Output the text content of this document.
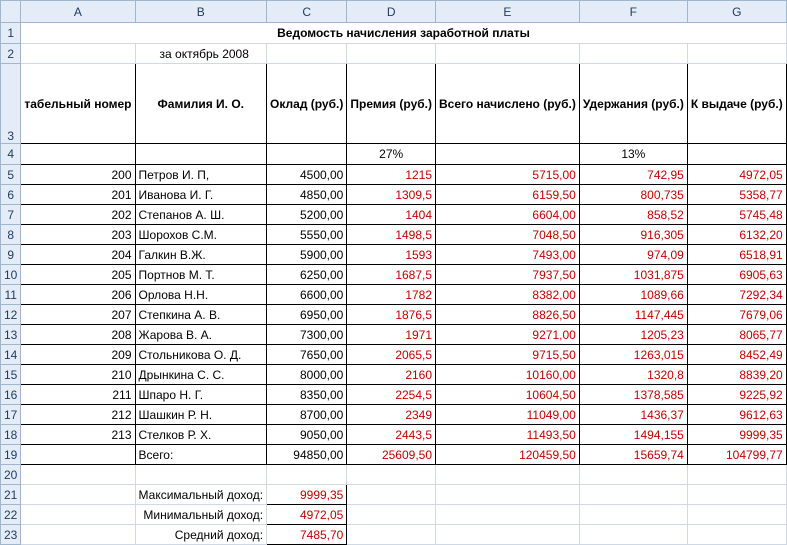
	A	B	C	D	E	F	G
1	Ведомость начисления заработной платы						
2		за октябрь 2008					
3	табельный номер	Фамилия И. О.	Оклад (руб.)	Премия (руб.)	Всего начислено (руб.)	Удержания (руб.)	К выдаче (руб.)
4				27%		13%	
5	200	Петров И. П,	4500,00	1215	5715,00	742,95	4972,05
6	201	Иванова И. Г.	4850,00	1309,5	6159,50	800,735	5358,77
7	202	Степанов А. Ш.	5200,00	1404	6604,00	858,52	5745,48
8	203	Шорохов С.М.	5550,00	1498,5	7048,50	916,305	6132,20
9	204	Галкин В.Ж.	5900,00	1593	7493,00	974,09	6518,91
10	205	Портнов М. Т.	6250,00	1687,5	7937,50	1031,875	6905,63
11	206	Орлова Н.Н.	6600,00	1782	8382,00	1089,66	7292,34
12	207	Степкина А. В.	6950,00	1876,5	8826,50	1147,445	7679,06
13	208	Жарова В. А.	7300,00	1971	9271,00	1205,23	8065,77
14	209	Стольникова О. Д.	7650,00	2065,5	9715,50	1263,015	8452,49
15	210	Дрынкина С. С.	8000,00	2160	10160,00	1320,8	8839,20
16	211	Шпаро Н. Г.	8350,00	2254,5	10604,50	1378,585	9225,92
17	212	Шашкин Р. Н.	8700,00	2349	11049,00	1436,37	9612,63
18	213	Стелков Р. Х.	9050,00	2443,5	11493,50	1494,155	9999,35
19		Всего:	94850,00	25609,50	120459,50	15659,74	104799,77
20							
21		Максимальный доход:	9999,35				
22		Минимальный доход:	4972,05				
23		Средний доход:	7485,70				
